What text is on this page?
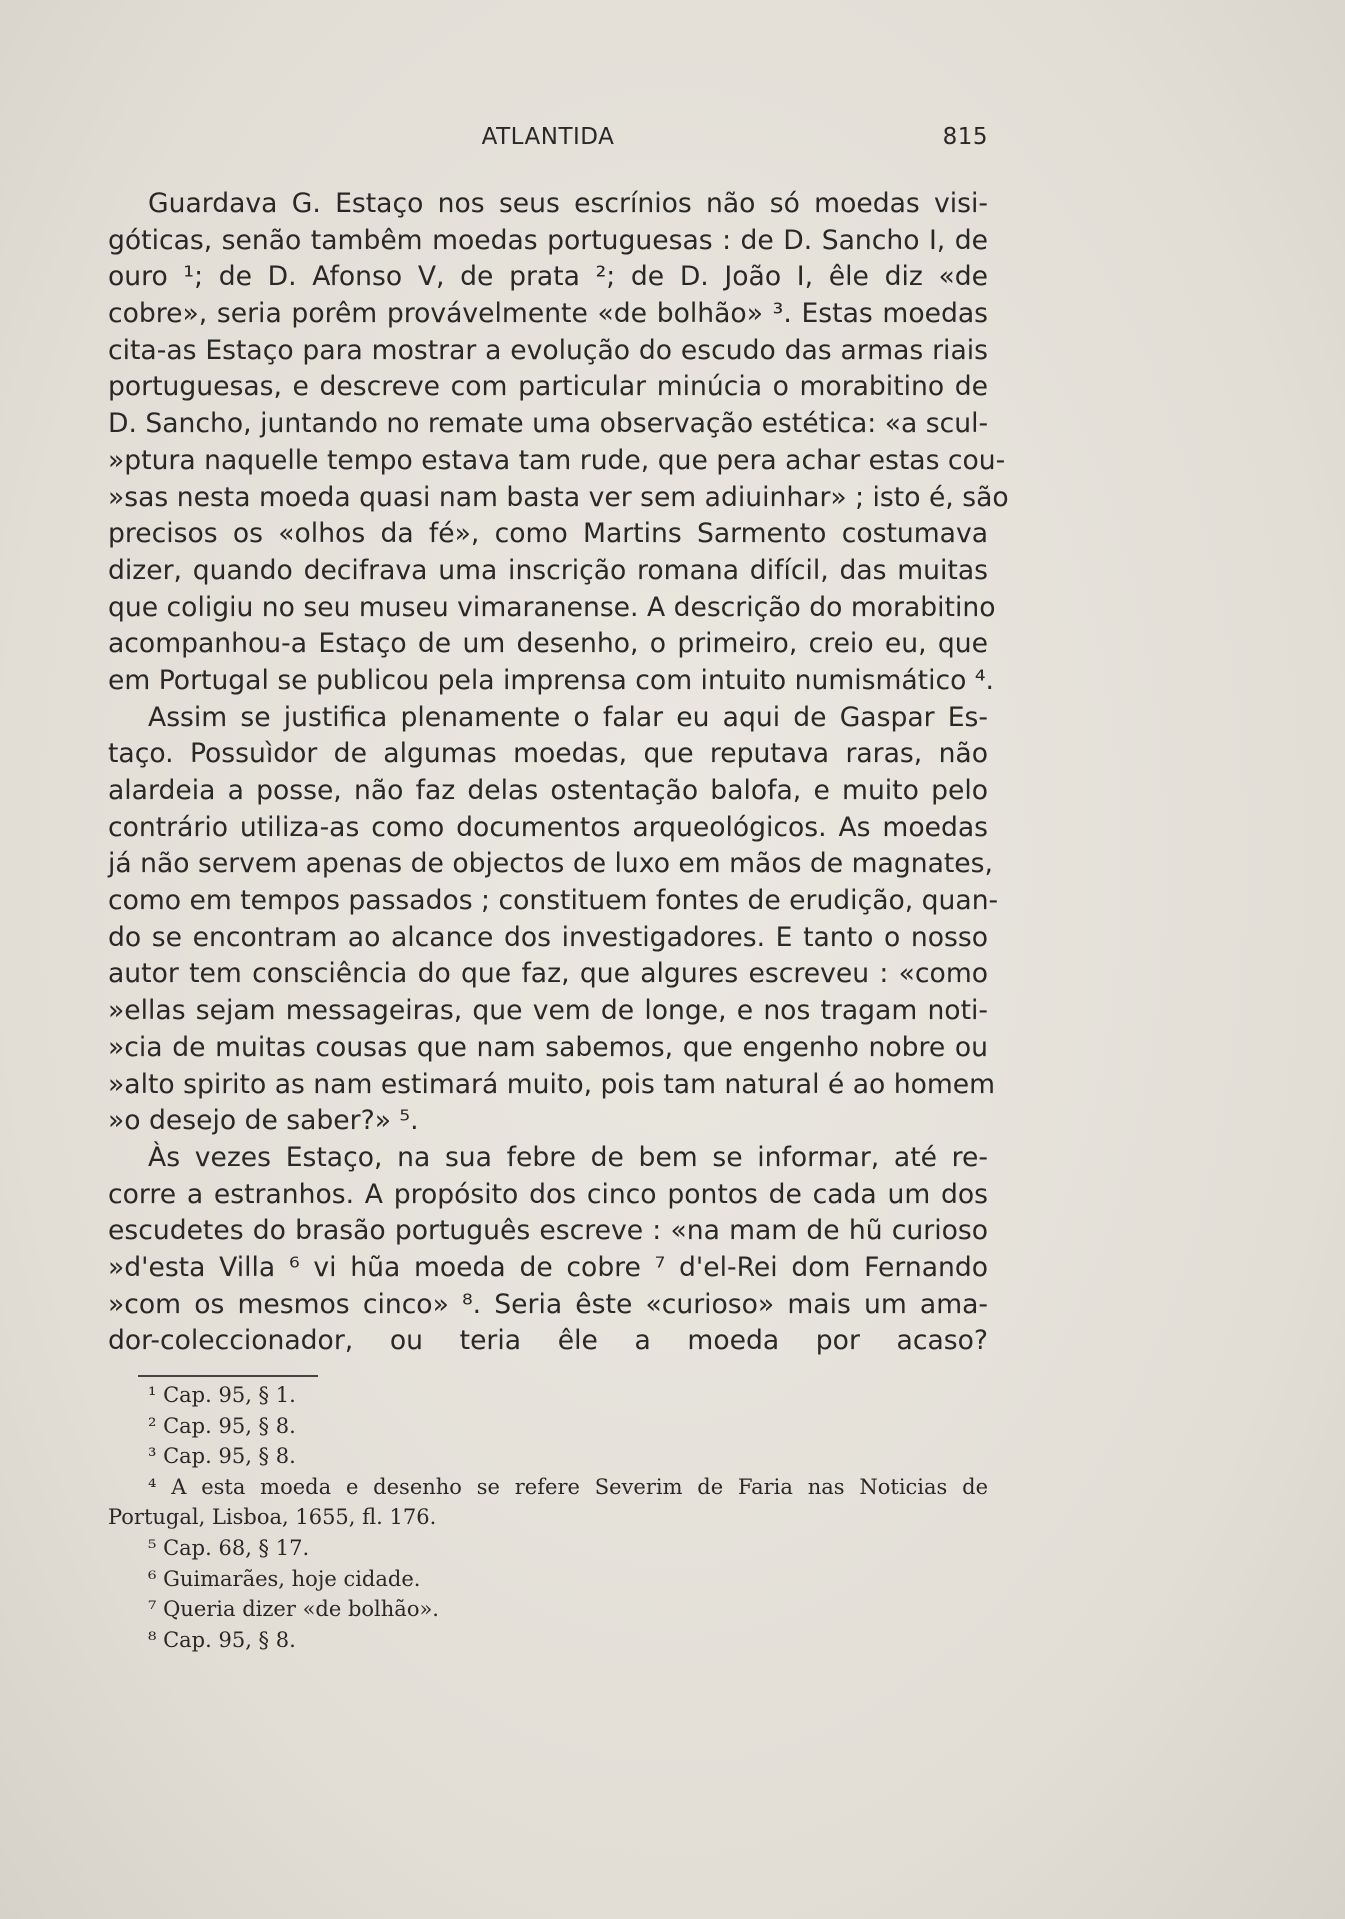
ATLANTIDA	815
Guardava G. Estaço nos seus escrínios não só moedas visi-
góticas, senão tambêm moedas portuguesas : de D. Sancho I, de
ouro ¹; de D. Afonso V, de prata ²; de D. João I, êle diz «de
cobre», seria porêm provávelmente «de bolhão» ³. Estas moedas
cita-as Estaço para mostrar a evolução do escudo das armas riais
portuguesas, e descreve com particular minúcia o morabitino de
D. Sancho, juntando no remate uma observação estética: «a scul-
»ptura naquelle tempo estava tam rude, que pera achar estas cou-
»sas nesta moeda quasi nam basta ver sem adiuinhar» ; isto é, são
precisos os «olhos da fé», como Martins Sarmento costumava
dizer, quando decifrava uma inscrição romana difícil, das muitas
que coligiu no seu museu vimaranense. A descrição do morabitino
acompanhou-a Estaço de um desenho, o primeiro, creio eu, que
em Portugal se publicou pela imprensa com intuito numismático ⁴.
Assim se justifica plenamente o falar eu aqui de Gaspar Es-
taço. Possuìdor de algumas moedas, que reputava raras, não
alardeia a posse, não faz delas ostentação balofa, e muito pelo
contrário utiliza-as como documentos arqueológicos. As moedas
já não servem apenas de objectos de luxo em mãos de magnates,
como em tempos passados ; constituem fontes de erudição, quan-
do se encontram ao alcance dos investigadores. E tanto o nosso
autor tem consciência do que faz, que algures escreveu : «como
»ellas sejam messageiras, que vem de longe, e nos tragam noti-
»cia de muitas cousas que nam sabemos, que engenho nobre ou
»alto spirito as nam estimará muito, pois tam natural é ao homem
»o desejo de saber?» ⁵.
Às vezes Estaço, na sua febre de bem se informar, até re-
corre a estranhos. A propósito dos cinco pontos de cada um dos
escudetes do brasão português escreve : «na mam de hũ curioso
»d'esta Villa ⁶ vi hũa moeda de cobre ⁷ d'el-Rei dom Fernando
»com os mesmos cinco» ⁸. Seria êste «curioso» mais um ama-
dor-coleccionador, ou teria êle a moeda por acaso?
¹ Cap. 95, § 1.
² Cap. 95, § 8.
³ Cap. 95, § 8.
⁴ A esta moeda e desenho se refere Severim de Faria nas Noticias de
Portugal, Lisboa, 1655, fl. 176.
⁵ Cap. 68, § 17.
⁶ Guimarães, hoje cidade.
⁷ Queria dizer «de bolhão».
⁸ Cap. 95, § 8.
